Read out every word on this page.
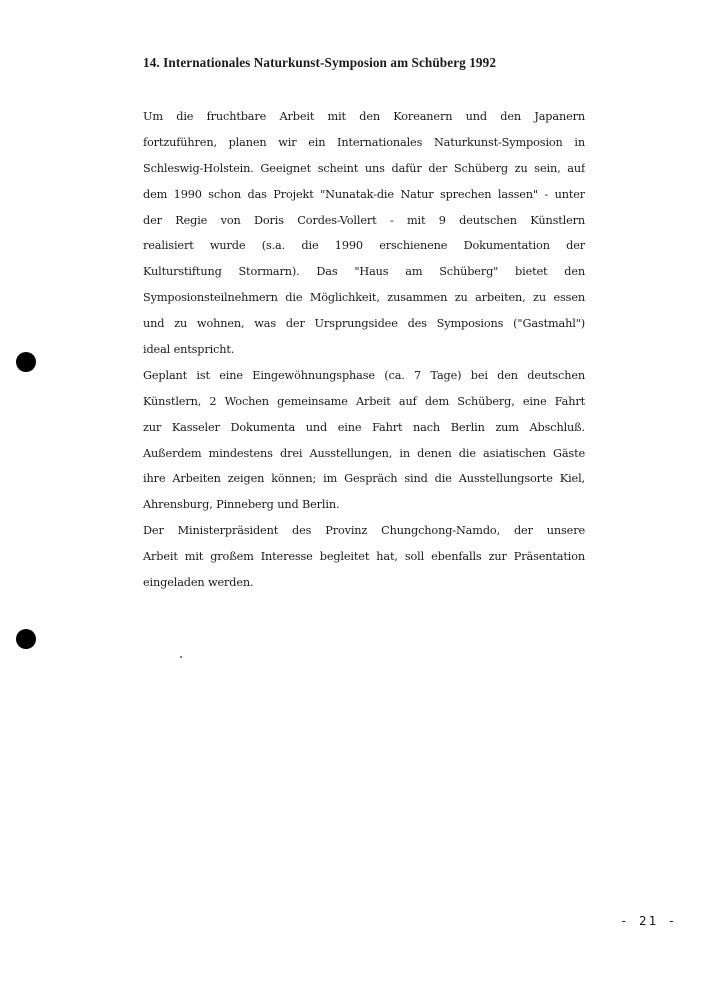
14. Internationales Naturkunst-Symposion am Schüberg 1992
Um die fruchtbare Arbeit mit den Koreanern und den Japanern
fortzuführen, planen wir ein Internationales Naturkunst-Symposion in
Schleswig-Holstein. Geeignet scheint uns dafür der Schüberg zu sein, auf
dem 1990 schon das Projekt "Nunatak-die Natur sprechen lassen" - unter
der Regie von Doris Cordes-Vollert - mit 9 deutschen Künstlern
realisiert wurde (s.a. die 1990 erschienene Dokumentation der
Kulturstiftung Stormarn). Das "Haus am Schüberg" bietet den
Symposionsteilnehmern die Möglichkeit, zusammen zu arbeiten, zu essen
und zu wohnen, was der Ursprungsidee des Symposions ("Gastmahl")
ideal entspricht.
Geplant ist eine Eingewöhnungsphase (ca. 7 Tage) bei den deutschen
Künstlern, 2 Wochen gemeinsame Arbeit auf dem Schüberg, eine Fahrt
zur Kasseler Dokumenta und eine Fahrt nach Berlin zum Abschluß.
Außerdem mindestens drei Ausstellungen, in denen die asiatischen Gäste
ihre Arbeiten zeigen können; im Gespräch sind die Ausstellungsorte Kiel,
Ahrensburg, Pinneberg und Berlin.
Der Ministerpräsident des Provinz Chungchong-Namdo, der unsere
Arbeit mit großem Interesse begleitet hat, soll ebenfalls zur Präsentation
eingeladen werden.
- 21 -
